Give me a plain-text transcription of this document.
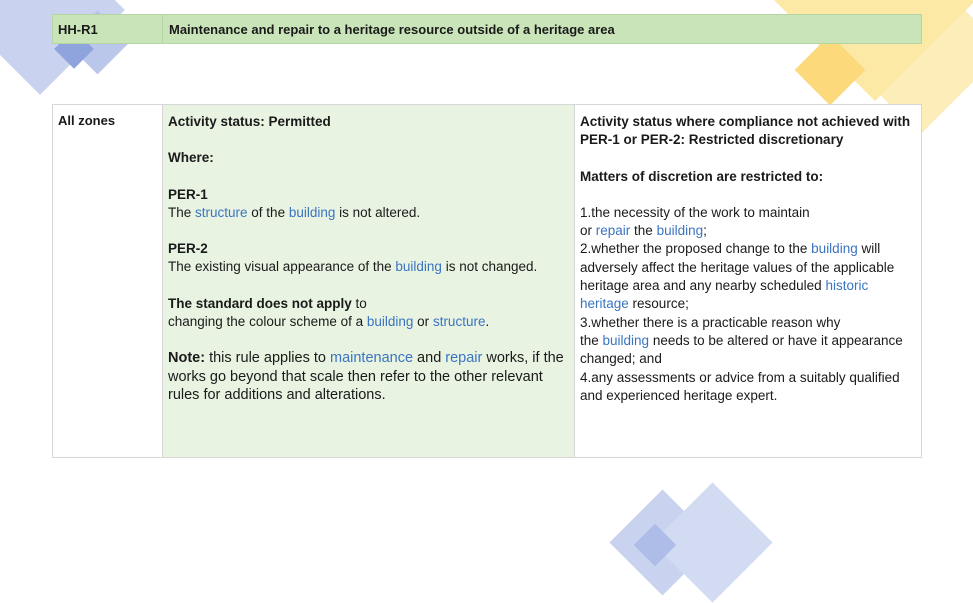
HH-R1	Maintenance and repair to a heritage resource outside of a heritage area
All zones	Activity status: Permitted

Where:

PER-1

The structure of the building is not altered.

PER-2

The existing visual appearance of the building is not changed.

The standard does not apply to

changing the colour scheme of a building or structure.

Note: this rule applies to maintenance and repair works, if the works go beyond that scale then refer to the other relevant rules for additions and alterations.

Activity status where compliance not achieved with PER-1 or PER-2: Restricted discretionary

Matters of discretion are restricted to:

1.the necessity of the work to maintain
or repair the building;

2.whether the proposed change to the building will adversely affect the heritage values of the applicable heritage area and any nearby scheduled historic heritage resource;

3.whether there is a practicable reason why
the building needs to be altered or have it appearance changed; and

4.any assessments or advice from a suitably qualified and experienced heritage expert.
